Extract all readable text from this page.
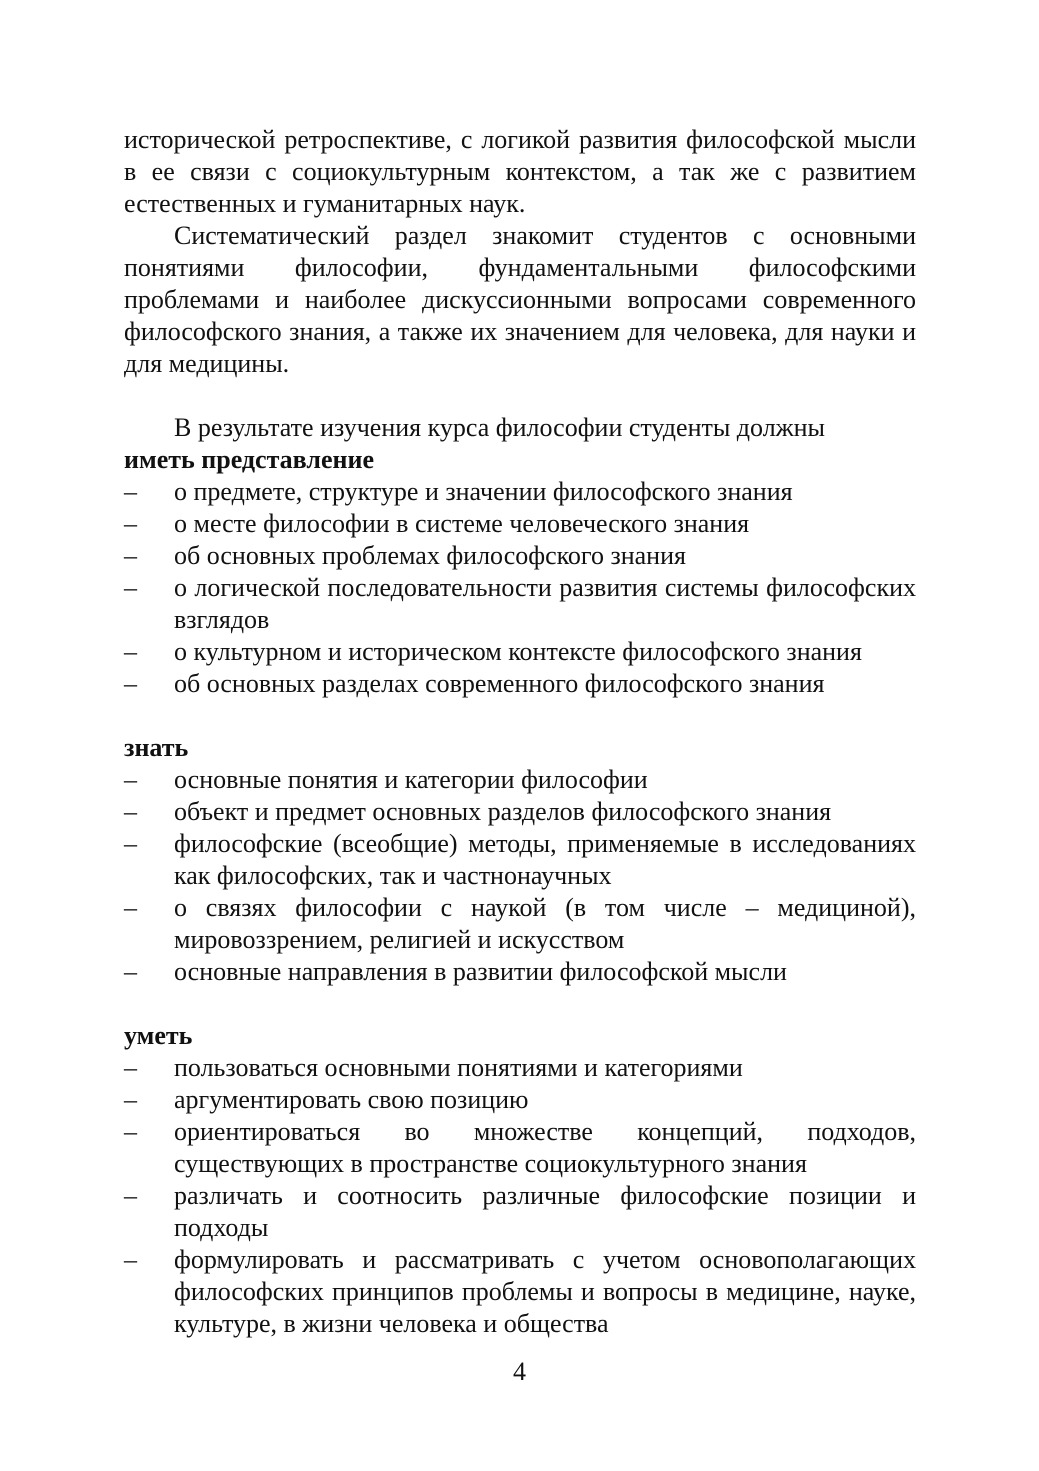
исторической ретроспективе, с логикой развития философской мысли в ее связи с социокультурным контекстом, а так же с развитием естественных и гуманитарных наук.

Систематический раздел знакомит студентов с основными понятиями философии, фундаментальными философскими проблемами и наиболее дискуссионными вопросами современного философского знания, а также их значением для человека, для науки и для медицины.

В результате изучения курса философии студенты должны

иметь представление

– о предмете, структуре и значении философского знания
– о месте философии в системе человеческого знания
– об основных проблемах философского знания
– о логической последовательности развития системы философских взглядов
– о культурном и историческом контексте философского знания
– об основных разделах современного философского знания

знать

– основные понятия и категории философии
– объект и предмет основных разделов философского знания
– философские (всеобщие) методы, применяемые в исследованиях как философских, так и частнонаучных
– о связях философии с наукой (в том числе – медициной), мировоззрением, религией и искусством
– основные направления в развитии философской мысли

уметь

– пользоваться основными понятиями и категориями
– аргументировать свою позицию
– ориентироваться во множестве концепций, подходов, существующих в пространстве социокультурного знания
– различать и соотносить различные философские позиции и подходы
– формулировать и рассматривать с учетом основополагающих философских принципов проблемы и вопросы в медицине, науке, культуре, в жизни человека и общества
4
